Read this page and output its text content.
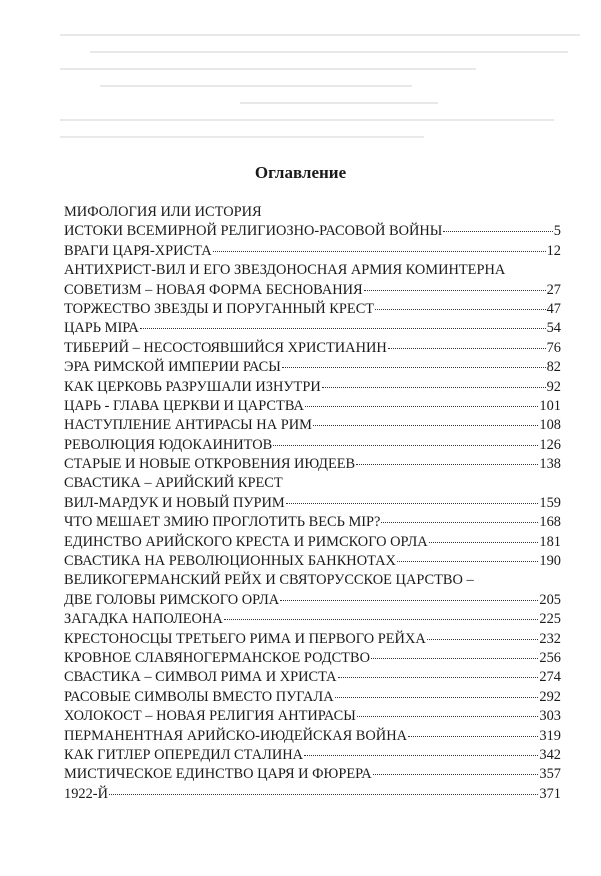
Оглавление
МИФОЛОГИЯ ИЛИ ИСТОРИЯ
ИСТОКИ ВСЕМИРНОЙ РЕЛИГИОЗНО-РАСОВОЙ ВОЙНЫ	5
ВРАГИ ЦАРЯ-ХРИСТА	12
АНТИХРИСТ-ВИЛ И ЕГО ЗВЕЗДОНОСНАЯ АРМИЯ КОМИНТЕРНА
СОВЕТИЗМ – НОВАЯ ФОРМА БЕСНОВАНИЯ	27
ТОРЖЕСТВО ЗВЕЗДЫ И ПОРУГАННЫЙ КРЕСТ	47
ЦАРЬ МIРА	54
ТИБЕРИЙ – НЕСОСТОЯВШИЙСЯ ХРИСТИАНИН	76
ЭРА РИМСКОЙ ИМПЕРИИ РАСЫ	82
КАК ЦЕРКОВЬ РАЗРУШАЛИ ИЗНУТРИ	92
ЦАРЬ - ГЛАВА ЦЕРКВИ И ЦАРСТВА	101
НАСТУПЛЕНИЕ АНТИРАСЫ НА РИМ	108
РЕВОЛЮЦИЯ ЮДОКАИНИТОВ	126
СТАРЫЕ И НОВЫЕ ОТКРОВЕНИЯ ИЮДЕЕВ	138
СВАСТИКА – АРИЙСКИЙ КРЕСТ
ВИЛ-МАРДУК И НОВЫЙ ПУРИМ	159
ЧТО МЕШАЕТ ЗМИЮ ПРОГЛОТИТЬ ВЕСЬ МIР?	168
ЕДИНСТВО АРИЙСКОГО КРЕСТА И РИМСКОГО ОРЛА	181
СВАСТИКА НА РЕВОЛЮЦИОННЫХ БАНКНОТАХ	190
ВЕЛИКОГЕРМАНСКИЙ РЕЙХ И СВЯТОРУССКОЕ ЦАРСТВО –
ДВЕ ГОЛОВЫ РИМСКОГО ОРЛА	205
ЗАГАДКА НАПОЛЕОНА	225
КРЕСТОНОСЦЫ ТРЕТЬЕГО РИМА И ПЕРВОГО РЕЙХА	232
КРОВНОЕ СЛАВЯНОГЕРМАНСКОЕ РОДСТВО	256
СВАСТИКА – СИМВОЛ РИМА И ХРИСТА	274
РАСОВЫЕ СИМВОЛЫ ВМЕСТО ПУГАЛА	292
ХОЛОКОСТ – НОВАЯ РЕЛИГИЯ АНТИРАСЫ	303
ПЕРМАНЕНТНАЯ АРИЙСКО-ИЮДЕЙСКАЯ ВОЙНА	319
КАК ГИТЛЕР ОПЕРЕДИЛ СТАЛИНА	342
МИСТИЧЕСКОЕ ЕДИНСТВО ЦАРЯ И ФЮРЕРА	357
1922-Й	371
